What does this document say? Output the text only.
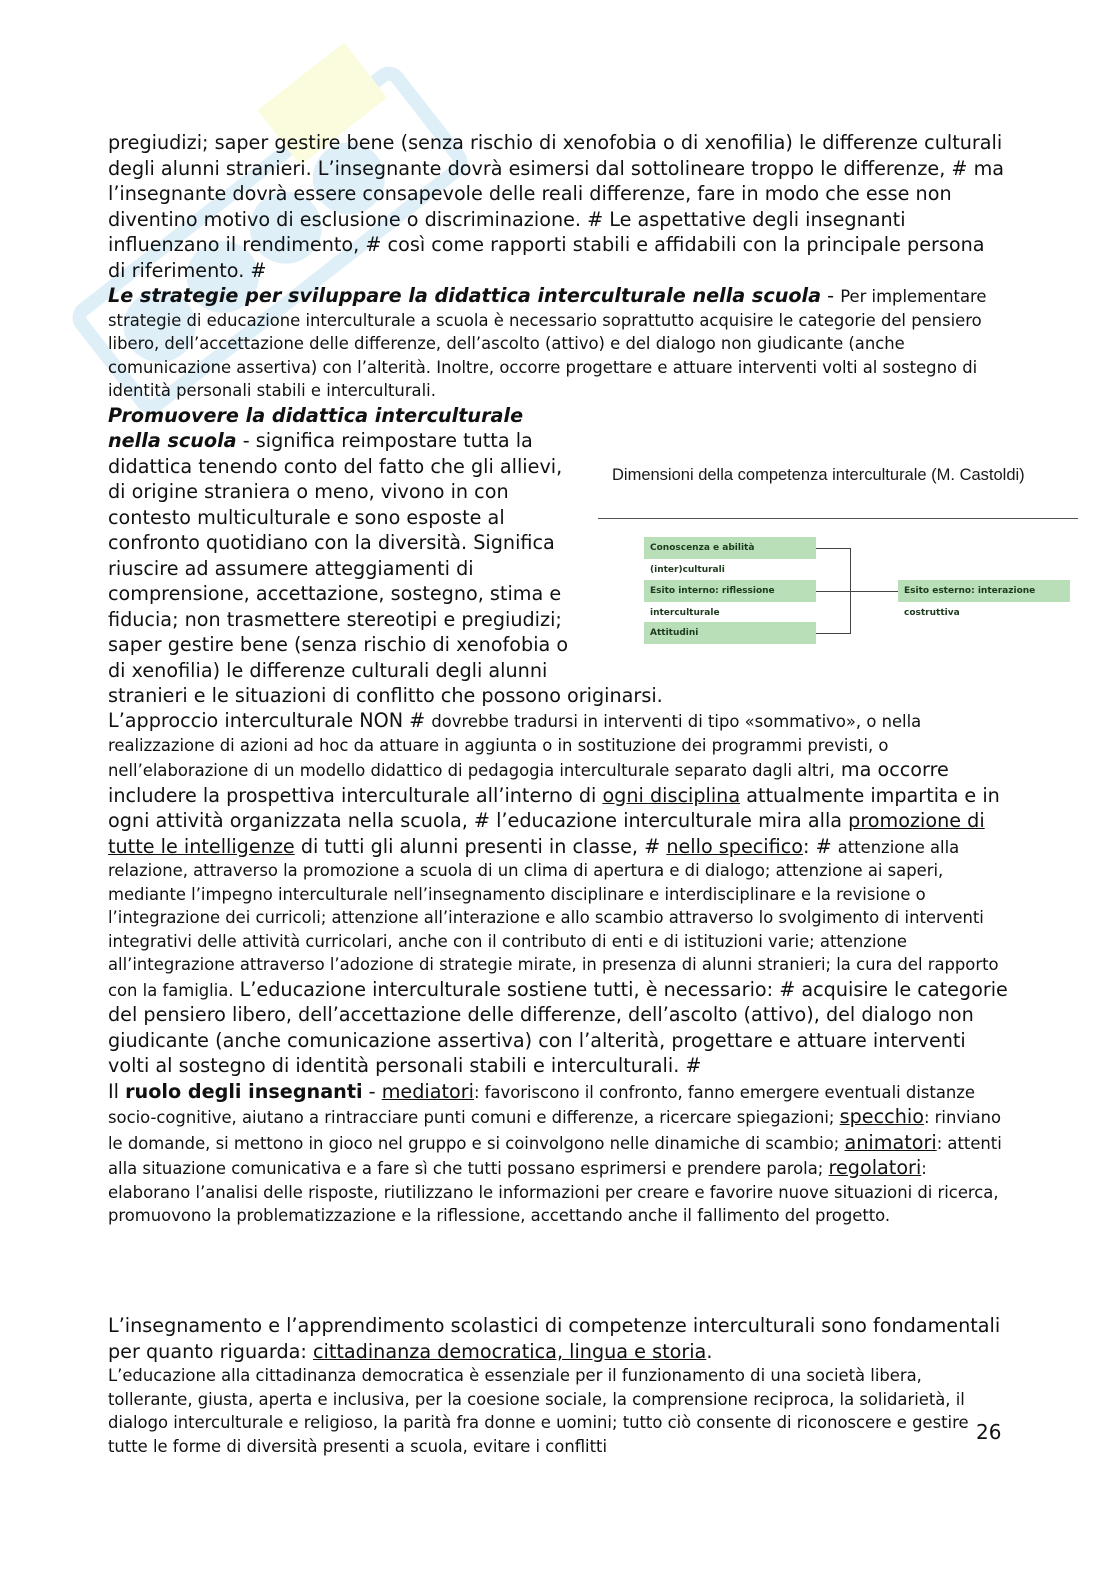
pregiudizi; saper gestire bene (senza rischio di xenofobia o di xenofilia) le differenze culturali degli alunni stranieri. L’insegnante dovrà esimersi dal sottolineare troppo le differenze, # ma l’insegnante dovrà essere consapevole delle reali differenze, fare in modo che esse non diventino motivo di esclusione o discriminazione. # Le aspettative degli insegnanti influenzano il rendimento, # così come rapporti stabili e affidabili con la principale persona di riferimento. #

Le strategie per sviluppare la didattica interculturale nella scuola - Per implementare strategie di educazione interculturale a scuola è necessario soprattutto acquisire le categorie del pensiero libero, dell’accettazione delle differenze, dell’ascolto (attivo) e del dialogo non giudicante (anche comunicazione assertiva) con l’alterità. Inoltre, occorre progettare e attuare interventi volti al sostegno di identità personali stabili e interculturali.

Promuovere la didattica interculturale nella scuola - significa reimpostare tutta la didattica tenendo conto del fatto che gli allievi, di origine straniera o meno, vivono in con contesto multiculturale e sono esposte al confronto quotidiano con la diversità. Significa riuscire ad assumere atteggiamenti di comprensione, accettazione, sostegno, stima e fiducia; non trasmettere stereotipi e pregiudizi; saper gestire bene (senza rischio di xenofobia o di xenofilia) le differenze culturali degli alunni stranieri e le situazioni di conflitto che possono originarsi.

Dimensioni della competenza interculturale (M. Castoldi)
Conoscenza e abilità (inter)culturali
Esito interno: riflessione interculturale
Attitudini
Esito esterno: interazione costruttiva

L’approccio interculturale NON # dovrebbe tradursi in interventi di tipo «sommativo», o nella realizzazione di azioni ad hoc da attuare in aggiunta o in sostituzione dei programmi previsti, o nell’elaborazione di un modello didattico di pedagogia interculturale separato dagli altri, ma occorre includere la prospettiva interculturale all’interno di ogni disciplina attualmente impartita e in ogni attività organizzata nella scuola, # l’educazione interculturale mira alla promozione di tutte le intelligenze di tutti gli alunni presenti in classe, # nello specifico: # attenzione alla relazione, attraverso la promozione a scuola di un clima di apertura e di dialogo; attenzione ai saperi, mediante l’impegno interculturale nell’insegnamento disciplinare e interdisciplinare e la revisione o l’integrazione dei curricoli; attenzione all’interazione e allo scambio attraverso lo svolgimento di interventi integrativi delle attività curricolari, anche con il contributo di enti e di istituzioni varie; attenzione all’integrazione attraverso l’adozione di strategie mirate, in presenza di alunni stranieri; la cura del rapporto con la famiglia. L’educazione interculturale sostiene tutti, è necessario: # acquisire le categorie del pensiero libero, dell’accettazione delle differenze, dell’ascolto (attivo), del dialogo non giudicante (anche comunicazione assertiva) con l’alterità, progettare e attuare interventi volti al sostegno di identità personali stabili e interculturali. #

Il ruolo degli insegnanti - mediatori: favoriscono il confronto, fanno emergere eventuali distanze socio-cognitive, aiutano a rintracciare punti comuni e differenze, a ricercare spiegazioni; specchio: rinviano le domande, si mettono in gioco nel gruppo e si coinvolgono nelle dinamiche di scambio; animatori: attenti alla situazione comunicativa e a fare sì che tutti possano esprimersi e prendere parola; regolatori: elaborano l’analisi delle risposte, riutilizzano le informazioni per creare e favorire nuove situazioni di ricerca, promuovono la problematizzazione e la riflessione, accettando anche il fallimento del progetto.

L’insegnamento e l’apprendimento scolastici di competenze interculturali sono fondamentali per quanto riguarda: cittadinanza democratica, lingua e storia.

L’educazione alla cittadinanza democratica è essenziale per il funzionamento di una società libera, tollerante, giusta, aperta e inclusiva, per la coesione sociale, la comprensione reciproca, la solidarietà, il dialogo interculturale e religioso, la parità fra donne e uomini; tutto ciò consente di riconoscere e gestire tutte le forme di diversità presenti a scuola, evitare i conflitti

26
